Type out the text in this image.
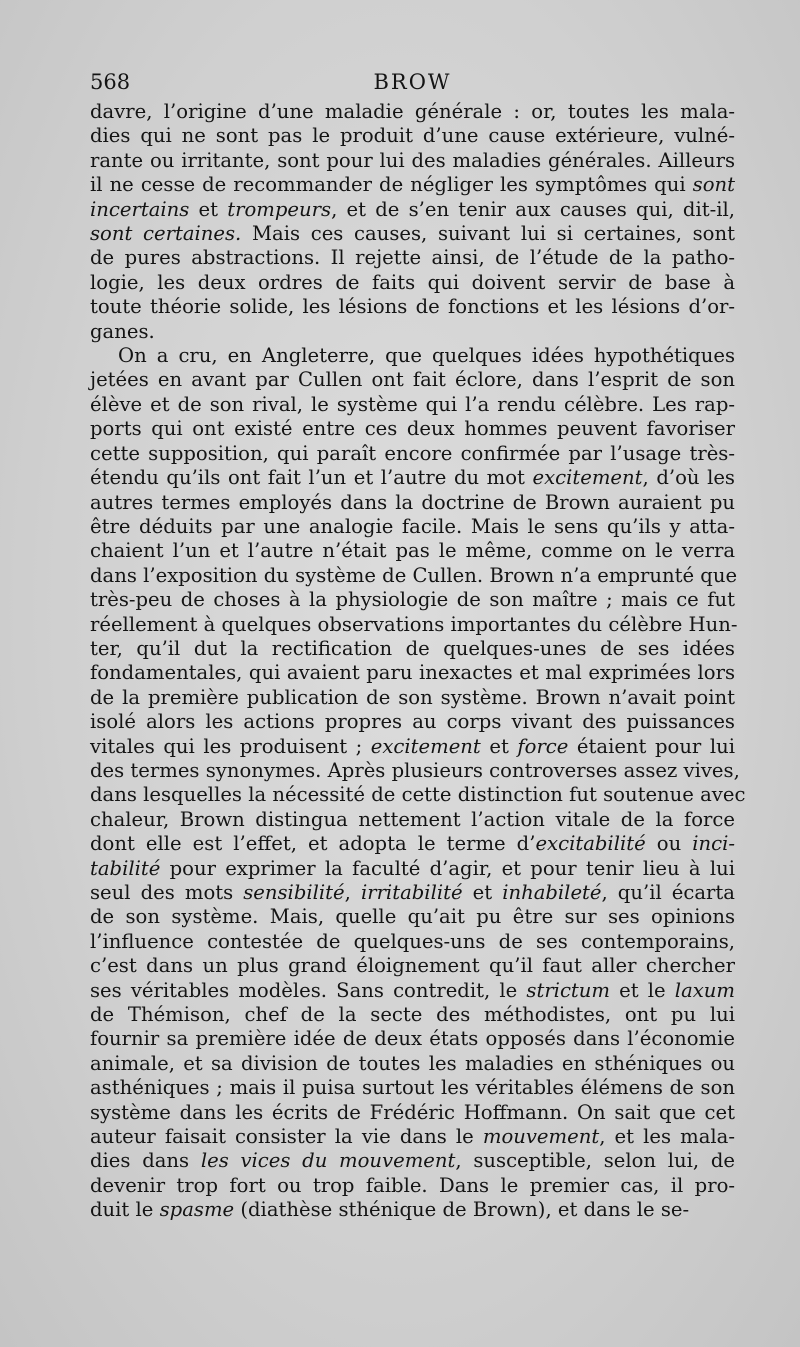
568	BROW
davre, l’origine d’une maladie générale : or, toutes les mala-
dies qui ne sont pas le produit d’une cause extérieure, vulné-
rante ou irritante, sont pour lui des maladies générales. Ailleurs
il ne cesse de recommander de négliger les symptômes qui sont
incertains et trompeurs, et de s’en tenir aux causes qui, dit-il,
sont certaines. Mais ces causes, suivant lui si certaines, sont
de pures abstractions. Il rejette ainsi, de l’étude de la patho-
logie, les deux ordres de faits qui doivent servir de base à
toute théorie solide, les lésions de fonctions et les lésions d’or-
ganes.
On a cru, en Angleterre, que quelques idées hypothétiques
jetées en avant par Cullen ont fait éclore, dans l’esprit de son
élève et de son rival, le système qui l’a rendu célèbre. Les rap-
ports qui ont existé entre ces deux hommes peuvent favoriser
cette supposition, qui paraît encore confirmée par l’usage très-
étendu qu’ils ont fait l’un et l’autre du mot excitement, d’où les
autres termes employés dans la doctrine de Brown auraient pu
être déduits par une analogie facile. Mais le sens qu’ils y atta-
chaient l’un et l’autre n’était pas le même, comme on le verra
dans l’exposition du système de Cullen. Brown n’a emprunté que
très-peu de choses à la physiologie de son maître ; mais ce fut
réellement à quelques observations importantes du célèbre Hun-
ter, qu’il dut la rectification de quelques-unes de ses idées
fondamentales, qui avaient paru inexactes et mal exprimées lors
de la première publication de son système. Brown n’avait point
isolé alors les actions propres au corps vivant des puissances
vitales qui les produisent ; excitement et force étaient pour lui
des termes synonymes. Après plusieurs controverses assez vives,
dans lesquelles la nécessité de cette distinction fut soutenue avec
chaleur, Brown distingua nettement l’action vitale de la force
dont elle est l’effet, et adopta le terme d’excitabilité ou inci-
tabilité pour exprimer la faculté d’agir, et pour tenir lieu à lui
seul des mots sensibilité, irritabilité et inhabileté, qu’il écarta
de son système. Mais, quelle qu’ait pu être sur ses opinions
l’influence contestée de quelques-uns de ses contemporains,
c’est dans un plus grand éloignement qu’il faut aller chercher
ses véritables modèles. Sans contredit, le strictum et le laxum
de Thémison, chef de la secte des méthodistes, ont pu lui
fournir sa première idée de deux états opposés dans l’économie
animale, et sa division de toutes les maladies en sthéniques ou
asthéniques ; mais il puisa surtout les véritables élémens de son
système dans les écrits de Frédéric Hoffmann. On sait que cet
auteur faisait consister la vie dans le mouvement, et les mala-
dies dans les vices du mouvement, susceptible, selon lui, de
devenir trop fort ou trop faible. Dans le premier cas, il pro-
duit le spasme (diathèse sthénique de Brown), et dans le se-
